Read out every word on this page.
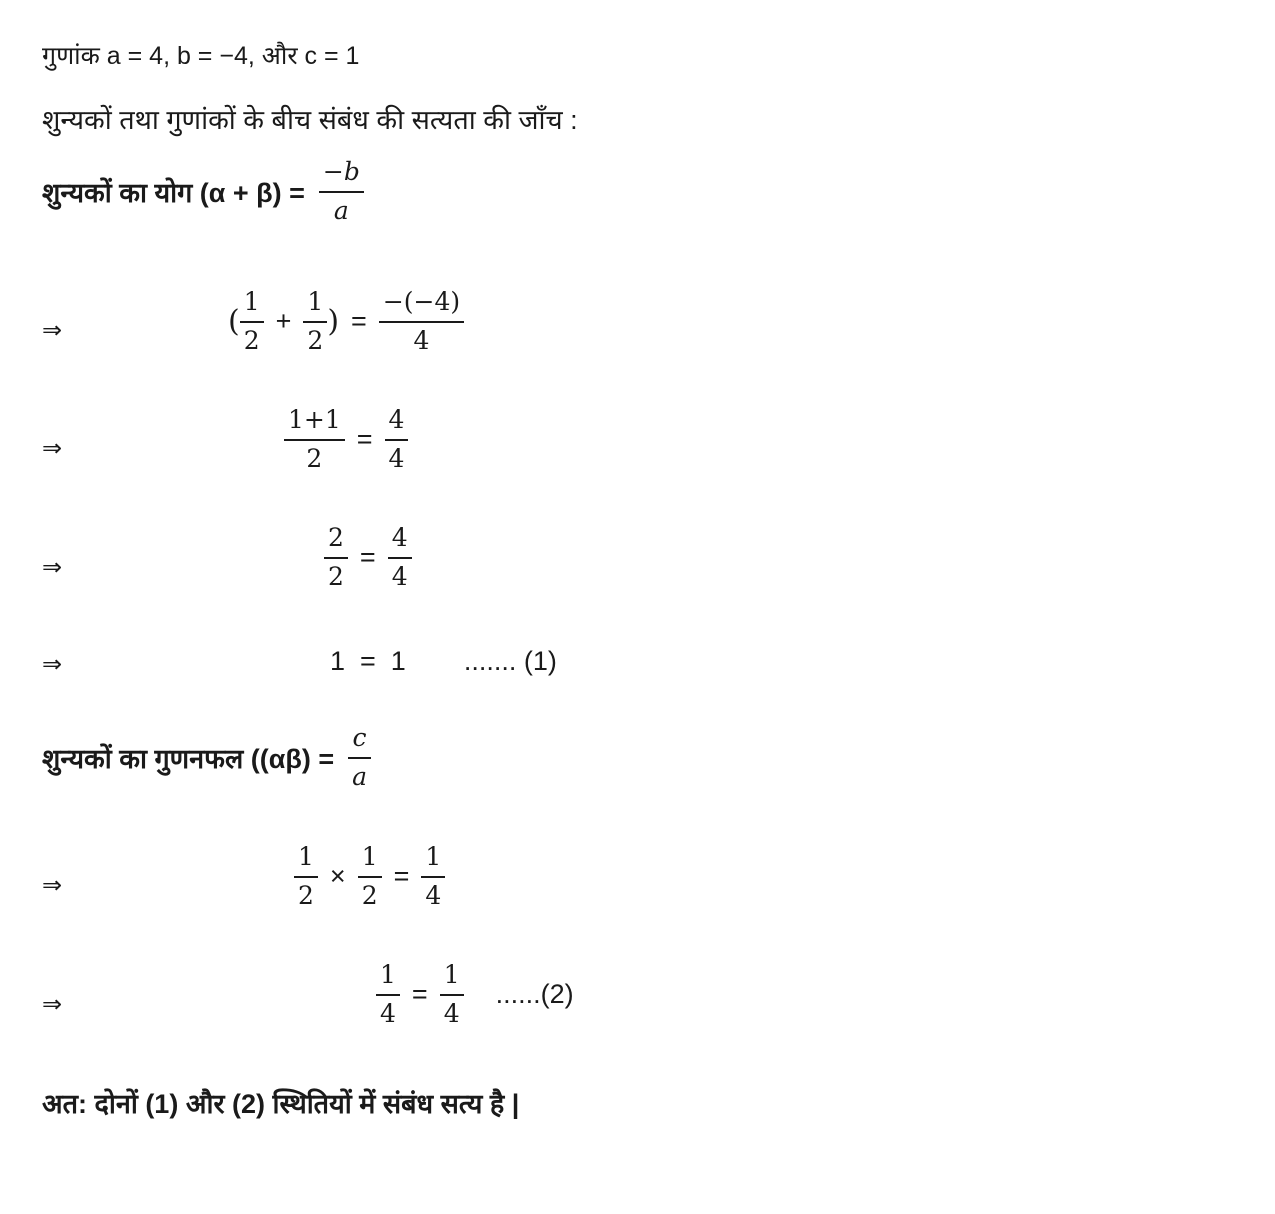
गुणांक a = 4, b = −4, और c = 1
शुन्यकों तथा गुणांकों के बीच संबंध की सत्यता की जाँच :
शुन्यकों का योग $(\alpha + \beta) = \frac{-b}{a}$
⇒	( $\frac{1}{2} + \frac{1}{2}$ ) = $\frac{-(-4)}{4}$
⇒	$\frac{1+1}{2} = \frac{4}{4}$
⇒	$\frac{2}{2} = \frac{4}{4}$
⇒	1  =  1 ....... (1)
शुन्यकों का गुणनफल ($(\alpha\beta) = \frac{c}{a}$
⇒	$\frac{1}{2} \times \frac{1}{2} = \frac{1}{4}$
⇒	$\frac{1}{4} = \frac{1}{4} ......(2)$
अत: दोनों (1) और (2) स्थितियों में संबंध सत्य है |
